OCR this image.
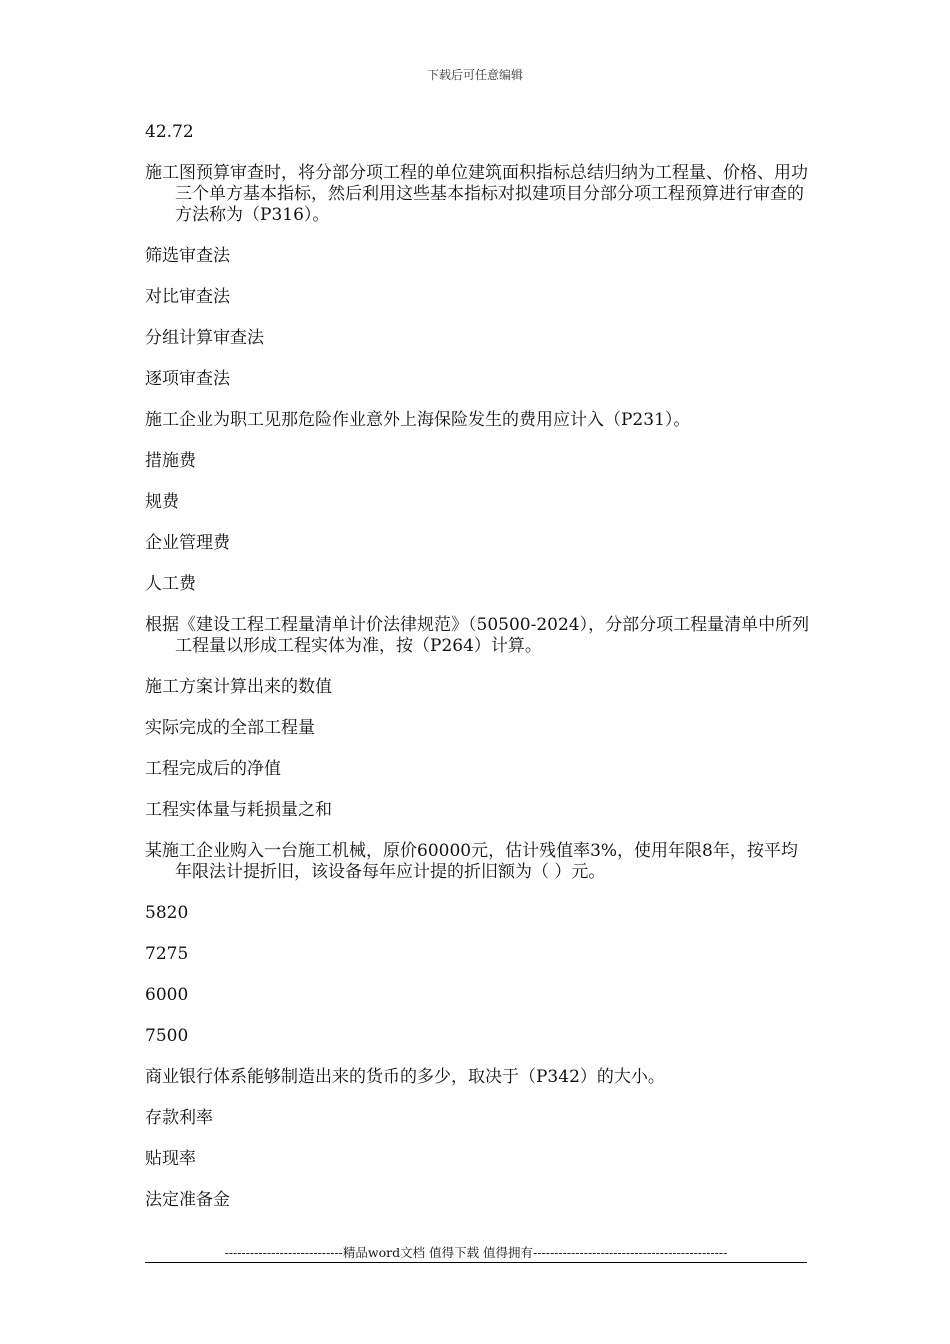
下载后可任意编辑

42.72

施工图预算审查时，将分部分项工程的单位建筑面积指标总结归纳为工程量、价格、用功三个单方基本指标，然后利用这些基本指标对拟建项目分部分项工程预算进行审查的方法称为（P316）。

筛选审查法

对比审查法

分组计算审查法

逐项审查法

施工企业为职工见那危险作业意外上海保险发生的费用应计入（P231）。

措施费

规费

企业管理费

人工费

根据《建设工程工程量清单计价法律规范》（50500-2024），分部分项工程量清单中所列工程量以形成工程实体为准，按（P264）计算。

施工方案计算出来的数值

实际完成的全部工程量

工程完成后的净值

工程实体量与耗损量之和

某施工企业购入一台施工机械，原价60000元，估计残值率3%，使用年限8年，按平均年限法计提折旧，该设备每年应计提的折旧额为（ ）元。

5820

7275

6000

7500

商业银行体系能够制造出来的货币的多少，取决于（P342）的大小。

存款利率

贴现率

法定准备金

----------------------------精品word文档 值得下载 值得拥有----------------------------------------------
